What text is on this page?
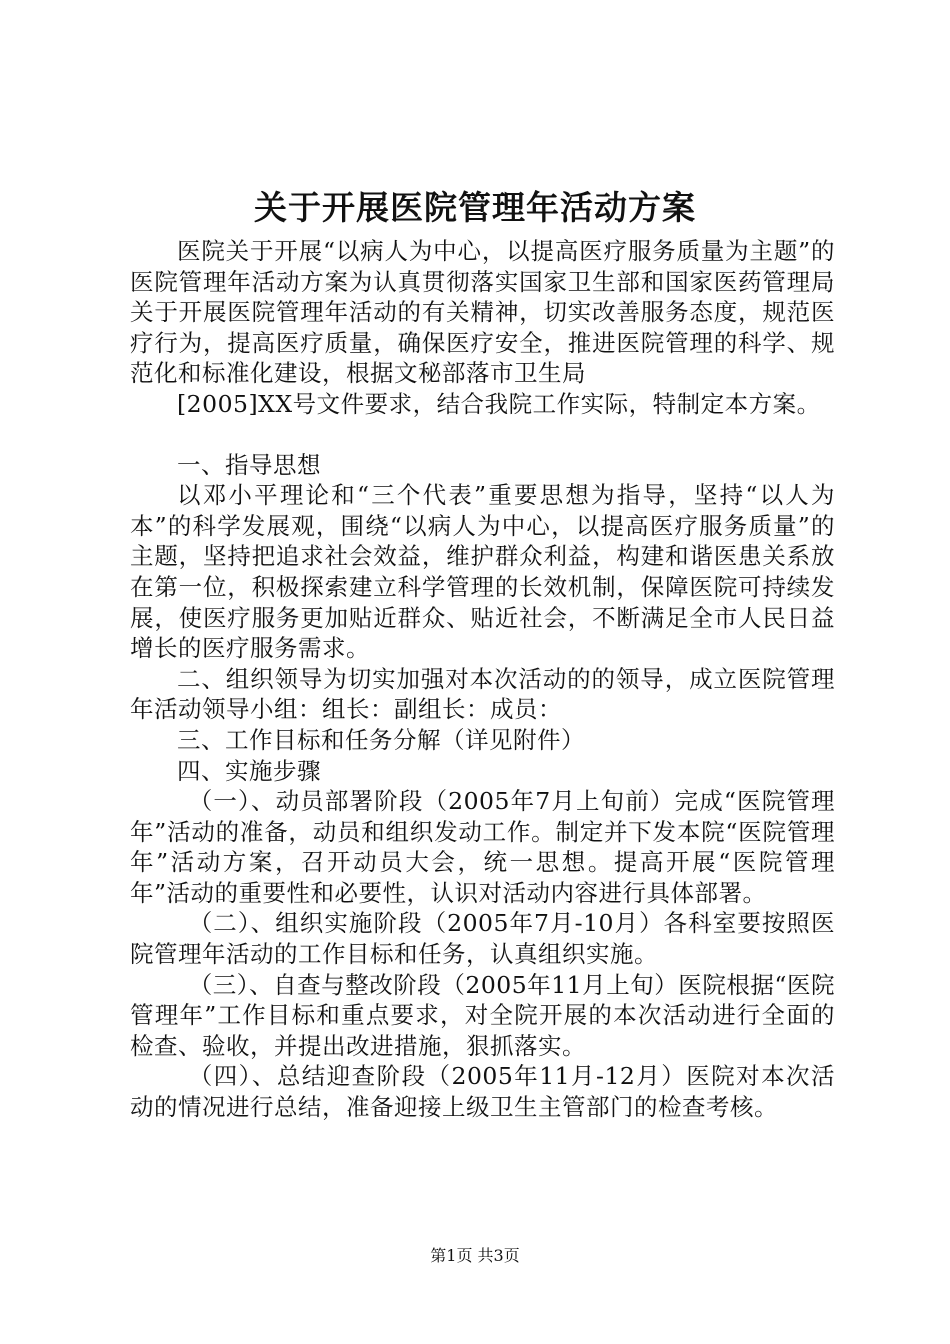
关于开展医院管理年活动方案

医院关于开展“以病人为中心，以提高医疗服务质量为主题”的医院管理年活动方案为认真贯彻落实国家卫生部和国家医药管理局关于开展医院管理年活动的有关精神，切实改善服务态度，规范医疗行为，提高医疗质量，确保医疗安全，推进医院管理的科学、规范化和标准化建设，根据文秘部落市卫生局

[2005]XX号文件要求，结合我院工作实际，特制定本方案。

一、指导思想

以邓小平理论和“三个代表”重要思想为指导，坚持“以人为本”的科学发展观，围绕“以病人为中心，以提高医疗服务质量”的主题，坚持把追求社会效益，维护群众利益，构建和谐医患关系放在第一位，积极探索建立科学管理的长效机制，保障医院可持续发展，使医疗服务更加贴近群众、贴近社会，不断满足全市人民日益增长的医疗服务需求。

二、组织领导为切实加强对本次活动的的领导，成立医院管理年活动领导小组：组长：副组长：成员：

三、工作目标和任务分解（详见附件）

四、实施步骤

（一）、动员部署阶段（2005年7月上旬前）完成“医院管理年”活动的准备，动员和组织发动工作。制定并下发本院“医院管理年”活动方案，召开动员大会，统一思想。提高开展“医院管理年”活动的重要性和必要性，认识对活动内容进行具体部署。

（二）、组织实施阶段（2005年7月-10月）各科室要按照医院管理年活动的工作目标和任务，认真组织实施。

（三）、自查与整改阶段（2005年11月上旬）医院根据“医院管理年”工作目标和重点要求，对全院开展的本次活动进行全面的检查、验收，并提出改进措施，狠抓落实。

（四）、总结迎查阶段（2005年11月-12月）医院对本次活动的情况进行总结，准备迎接上级卫生主管部门的检查考核。

第1页 共3页
